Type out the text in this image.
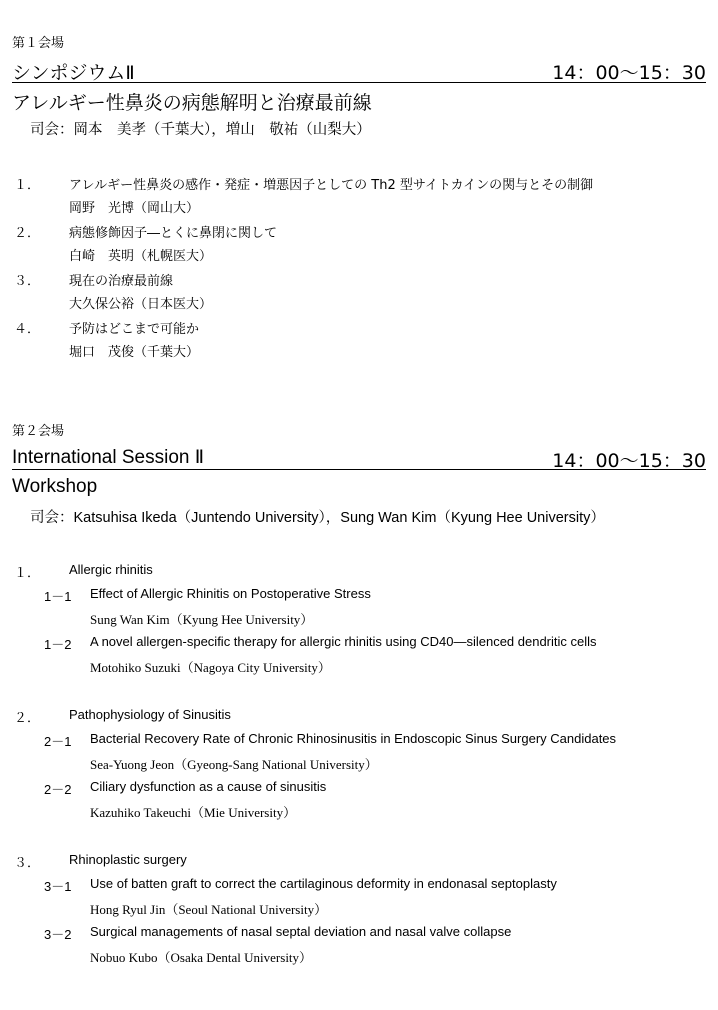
第１会場
シンポジウムⅡ	14：00～15：30
アレルギー性鼻炎の病態解明と治療最前線
司会：岡本　美孝（千葉大），増山　敬祐（山梨大）
１． アレルギー性鼻炎の感作・発症・増悪因子としての Th2 型サイトカインの関与とその制御
岡野　光博（岡山大）
２． 病態修飾因子―とくに鼻閉に関して
白崎　英明（札幌医大）
３． 現在の治療最前線
大久保公裕（日本医大）
４． 予防はどこまで可能か
堀口　茂俊（千葉大）
第２会場
International Session Ⅱ	14：00～15：30
Workshop
司会：Katsuhisa Ikeda（Juntendo University），Sung Wan Kim（Kyung Hee University）
１． Allergic rhinitis
1－1 Effect of Allergic Rhinitis on Postoperative Stress
Sung Wan Kim（Kyung Hee University）
1－2 A novel allergen-specific therapy for allergic rhinitis using CD40―silenced dendritic cells
Motohiko Suzuki（Nagoya City University）
２． Pathophysiology of Sinusitis
2－1 Bacterial Recovery Rate of Chronic Rhinosinusitis in Endoscopic Sinus Surgery Candidates
Sea-Yuong Jeon（Gyeong-Sang National University）
2－2 Ciliary dysfunction as a cause of sinusitis
Kazuhiko Takeuchi（Mie University）
３． Rhinoplastic surgery
3－1 Use of batten graft to correct the cartilaginous deformity in endonasal septoplasty
Hong Ryul Jin（Seoul National University）
3－2 Surgical managements of nasal septal deviation and nasal valve collapse
Nobuo Kubo（Osaka Dental University）
